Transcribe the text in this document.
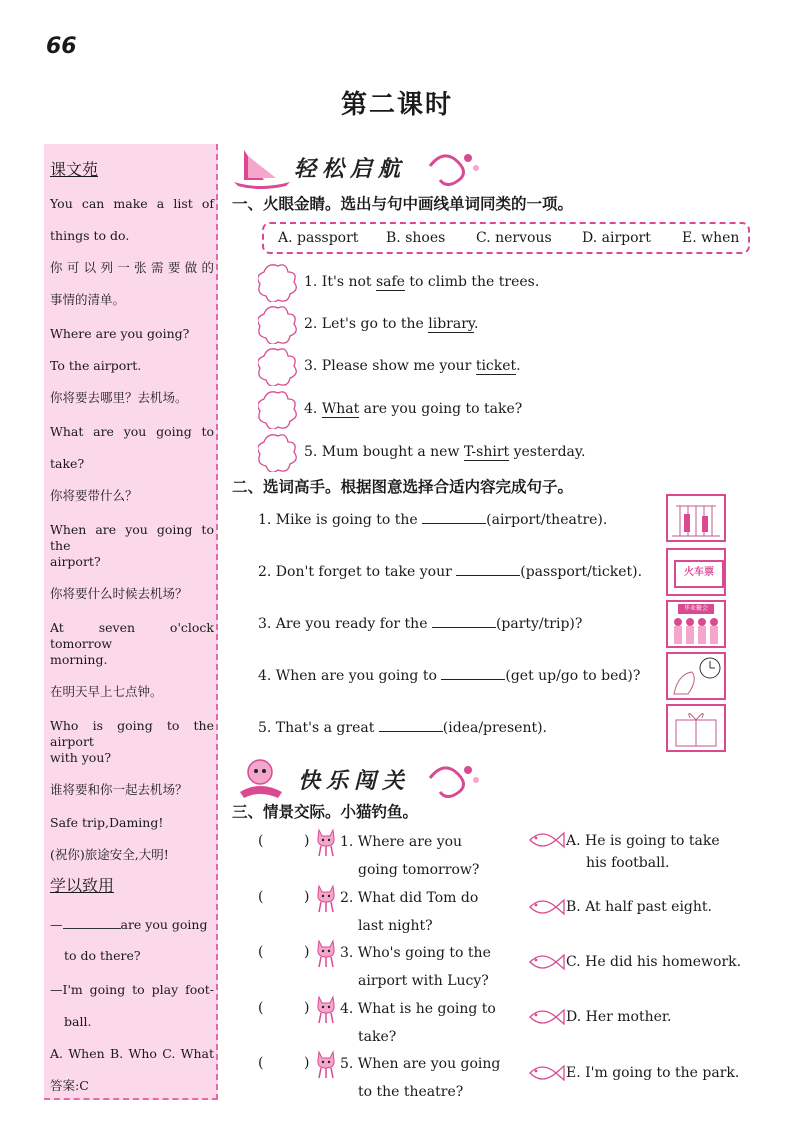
66
第二课时
课文苑
You can make a list of
things to do.
你可以列一张需要做的
事情的清单。
Where are you going?
To the airport.
你将要去哪里？去机场。
What are you going to
take?
你将要带什么？
When are you going to the
airport?
你将要什么时候去机场？
At seven o'clock tomorrow
morning.
在明天早上七点钟。
Who is going to the airport
with you?
谁将要和你一起去机场？
Safe trip,Daming!
(祝你)旅途安全,大明!
学以致用
—	are you going
to do there?
—I'm going to play foot-
ball.
A. When B. Who C. What
答案:C
轻松启航
一、火眼金睛。选出与句中画线单词同类的一项。
A. passport B. shoes C. nervous D. airport E. when
1. It's not safe to climb the trees.
2. Let's go to the library.
3. Please show me your ticket.
4. What are you going to take?
5. Mum bought a new T-shirt yesterday.
二、选词高手。根据图意选择合适内容完成句子。
1. Mike is going to the	(airport/theatre).
2. Don't forget to take your	(passport/ticket).
3. Are you ready for the	(party/trip)?
4. When are you going to	(get up/go to bed)?
5. That's a great	(idea/present).
火车票
毕业聚会
快乐闯关
三、情景交际。小猫钓鱼。
(	)
(	)
(	)
(	)
(	)
1. Where are you
going tomorrow?
2. What did Tom do
last night?
3. Who's going to the
airport with Lucy?
4. What is he going to
take?
5. When are you going
to the theatre?
A. He is going to take
his football.
B. At half past eight.
C. He did his homework.
D. Her mother.
E. I'm going to the park.
